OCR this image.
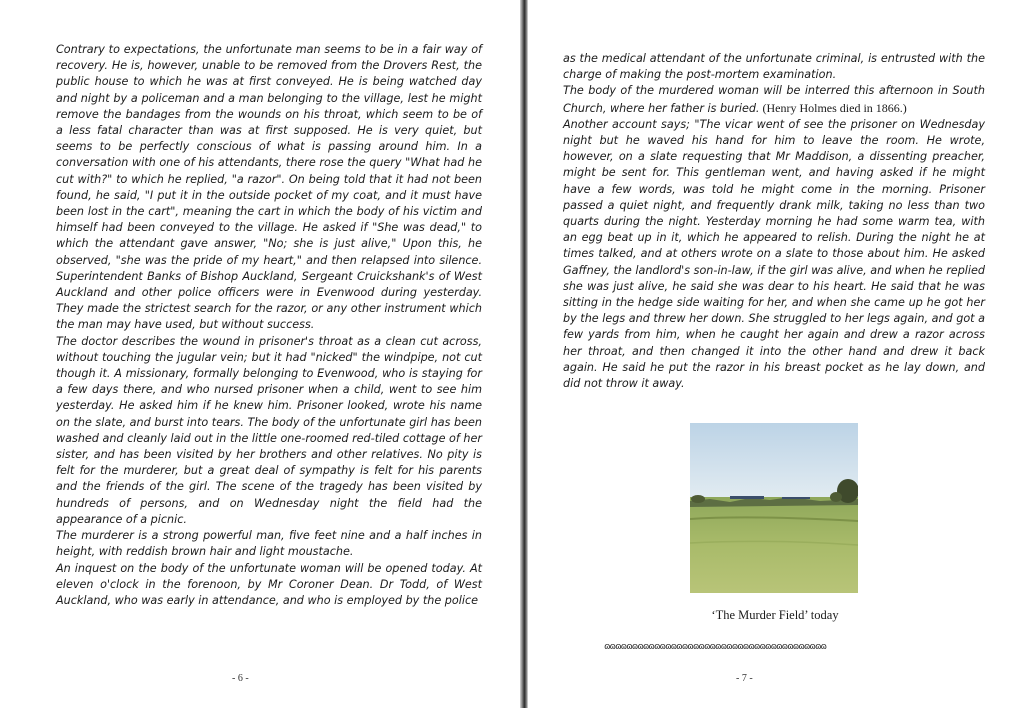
Contrary to expectations, the unfortunate man seems to be in a fair way of recovery. He is, however, unable to be removed from the Drovers Rest, the public house to which he was at first conveyed. He is being watched day and night by a policeman and a man belonging to the village, lest he might remove the bandages from the wounds on his throat, which seem to be of a less fatal character than was at first supposed. He is very quiet, but seems to be perfectly conscious of what is passing around him. In a conversation with one of his attendants, there rose the query "What had he cut with?" to which he replied, "a razor". On being told that it had not been found, he said, "I put it in the outside pocket of my coat, and it must have been lost in the cart", meaning the cart in which the body of his victim and himself had been conveyed to the village. He asked if "She was dead," to which the attendant gave answer, "No; she is just alive," Upon this, he observed, "she was the pride of my heart," and then relapsed into silence. Superintendent Banks of Bishop Auckland, Sergeant Cruickshank's of West Auckland and other police officers were in Evenwood during yesterday. They made the strictest search for the razor, or any other instrument which the man may have used, but without success.

The doctor describes the wound in prisoner's throat as a clean cut across, without touching the jugular vein; but it had "nicked" the windpipe, not cut though it. A missionary, formally belonging to Evenwood, who is staying for a few days there, and who nursed prisoner when a child, went to see him yesterday. He asked him if he knew him. Prisoner looked, wrote his name on the slate, and burst into tears. The body of the unfortunate girl has been washed and cleanly laid out in the little one-roomed red-tiled cottage of her sister, and has been visited by her brothers and other relatives. No pity is felt for the murderer, but a great deal of sympathy is felt for his parents and the friends of the girl. The scene of the tragedy has been visited by hundreds of persons, and on Wednesday night the field had the appearance of a picnic.

The murderer is a strong powerful man, five feet nine and a half inches in height, with reddish brown hair and light moustache.

An inquest on the body of the unfortunate woman will be opened today. At eleven o'clock in the forenoon, by Mr Coroner Dean. Dr Todd, of West Auckland, who was early in attendance, and who is employed by the police

- 6 -

as the medical attendant of the unfortunate criminal, is entrusted with the charge of making the post-mortem examination.

The body of the murdered woman will be interred this afternoon in South Church, where her father is buried. (Henry Holmes died in 1866.)

Another account says; "The vicar went of see the prisoner on Wednesday night but he waved his hand for him to leave the room. He wrote, however, on a slate requesting that Mr Maddison, a dissenting preacher, might be sent for. This gentleman went, and having asked if he might have a few words, was told he might come in the morning. Prisoner passed a quiet night, and frequently drank milk, taking no less than two quarts during the night. Yesterday morning he had some warm tea, with an egg beat up in it, which he appeared to relish. During the night he at times talked, and at others wrote on a slate to those about him. He asked Gaffney, the landlord's son-in-law, if the girl was alive, and when he replied she was just alive, he said she was dear to his heart. He said that he was sitting in the hedge side waiting for her, and when she came up he got her by the legs and threw her down. She struggled to her legs again, and got a few yards from him, when he caught her again and drew a razor across her throat, and then changed it into the other hand and drew it back again. He said he put the razor in his breast pocket as he lay down, and did not throw it away.

‘The Murder Field’ today
ɷɷɷɷɷɷɷɷɷɷɷɷɷɷɷɷɷɷɷɷɷɷɷɷɷɷɷɷɷɷɷɷɷɷɷɷɷɷɷɷ
- 7 -
